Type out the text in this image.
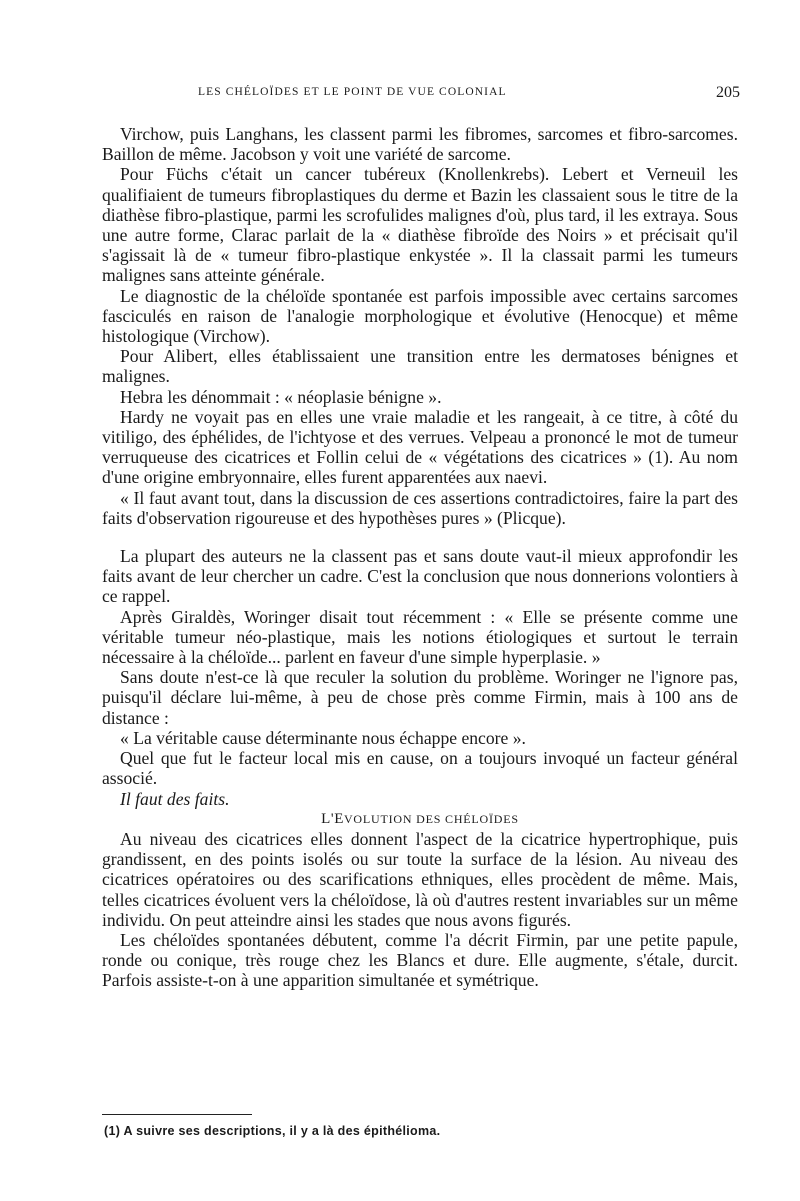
LES CHÉLOÏDES ET LE POINT DE VUE COLONIAL	205

Virchow, puis Langhans, les classent parmi les fibromes, sarcomes et fibro-sarcomes. Baillon de même. Jacobson y voit une variété de sarcome.

Pour Füchs c'était un cancer tubéreux (Knollenkrebs). Lebert et Verneuil les qualifiaient de tumeurs fibroplastiques du derme et Bazin les classaient sous le titre de la diathèse fibro-plastique, parmi les scrofulides malignes d'où, plus tard, il les extraya. Sous une autre forme, Clarac parlait de la « diathèse fibroïde des Noirs » et précisait qu'il s'agissait là de « tumeur fibro-plastique enkystée ». Il la classait parmi les tumeurs malignes sans atteinte générale.

Le diagnostic de la chéloïde spontanée est parfois impossible avec certains sarcomes fasciculés en raison de l'analogie morphologique et évolutive (Henocque) et même histologique (Virchow).

Pour Alibert, elles établissaient une transition entre les dermatoses bénignes et malignes.

Hebra les dénommait : « néoplasie bénigne ».

Hardy ne voyait pas en elles une vraie maladie et les rangeait, à ce titre, à côté du vitiligo, des éphélides, de l'ichtyose et des verrues. Velpeau a prononcé le mot de tumeur verruqueuse des cicatrices et Follin celui de « végétations des cicatrices » (1). Au nom d'une origine embryonnaire, elles furent apparentées aux naevi.

« Il faut avant tout, dans la discussion de ces assertions contradictoires, faire la part des faits d'observation rigoureuse et des hypothèses pures » (Plicque).

La plupart des auteurs ne la classent pas et sans doute vaut-il mieux approfondir les faits avant de leur chercher un cadre. C'est la conclusion que nous donnerions volontiers à ce rappel.

Après Giraldès, Woringer disait tout récemment : « Elle se présente comme une véritable tumeur néo-plastique, mais les notions étiologiques et surtout le terrain nécessaire à la chéloïde... parlent en faveur d'une simple hyperplasie. »

Sans doute n'est-ce là que reculer la solution du problème. Woringer ne l'ignore pas, puisqu'il déclare lui-même, à peu de chose près comme Firmin, mais à 100 ans de distance :

« La véritable cause déterminante nous échappe encore ».

Quel que fut le facteur local mis en cause, on a toujours invoqué un facteur général associé.

Il faut des faits.

L'EVOLUTION DES CHÉLOÏDES

Au niveau des cicatrices elles donnent l'aspect de la cicatrice hypertrophique, puis grandissent, en des points isolés ou sur toute la surface de la lésion. Au niveau des cicatrices opératoires ou des scarifications ethniques, elles procèdent de même. Mais, telles cicatrices évoluent vers la chéloïdose, là où d'autres restent invariables sur un même individu. On peut atteindre ainsi les stades que nous avons figurés.

Les chéloïdes spontanées débutent, comme l'a décrit Firmin, par une petite papule, ronde ou conique, très rouge chez les Blancs et dure. Elle augmente, s'étale, durcit. Parfois assiste-t-on à une apparition simultanée et symétrique.

(1) A suivre ses descriptions, il y a là des épithélioma.
